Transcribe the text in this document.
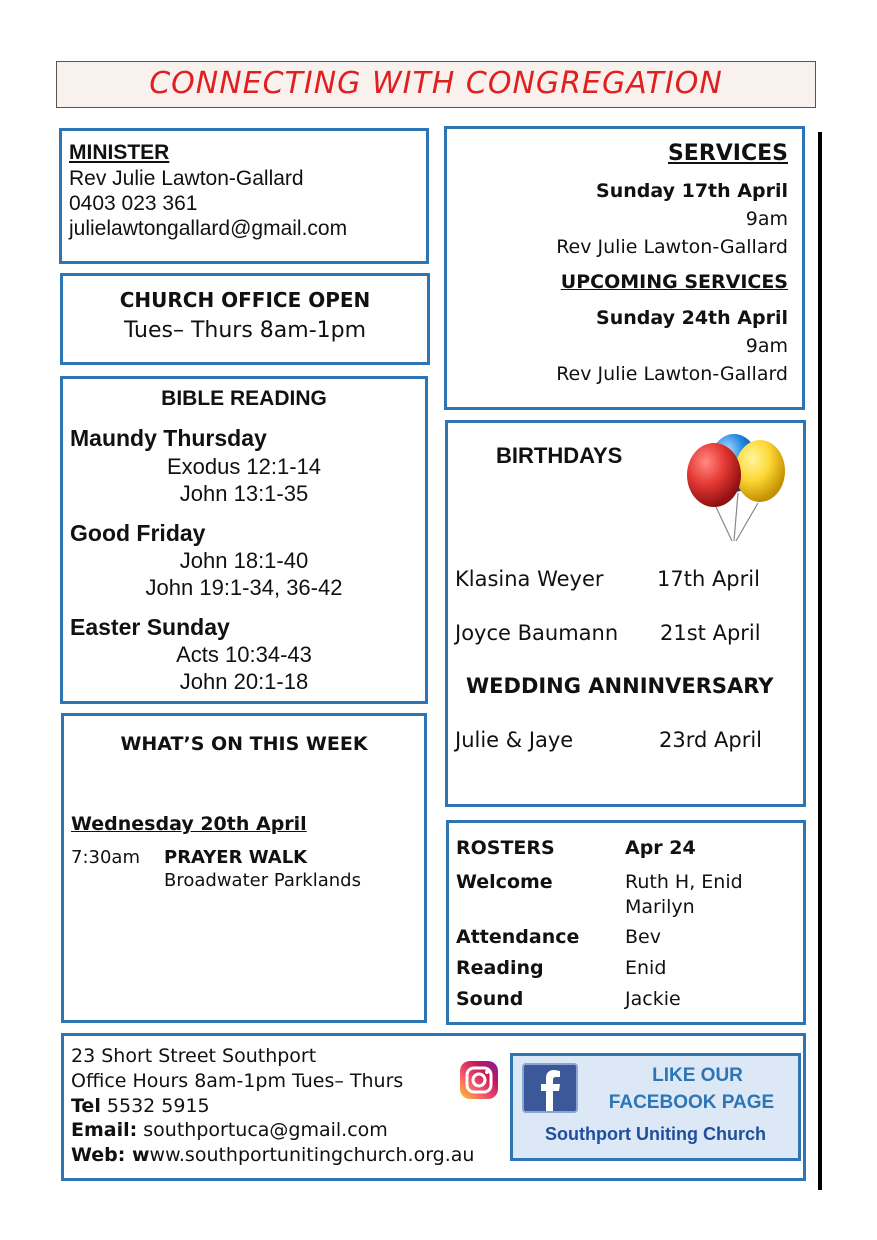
CONNECTING WITH CONGREGATION
MINISTER
Rev Julie Lawton-Gallard
0403 023 361
julielawtongallard@gmail.com
CHURCH OFFICE OPEN
Tues– Thurs 8am-1pm
BIBLE READING
Maundy Thursday
Exodus 12:1-14
John 13:1-35
Good Friday
John 18:1-40
John 19:1-34, 36-42
Easter Sunday
Acts 10:34-43
John 20:1-18
WHAT’S ON THIS WEEK
Wednesday 20th April
7:30am PRAYER WALK
Broadwater Parklands
SERVICES
Sunday 17th April
9am
Rev Julie Lawton-Gallard
UPCOMING SERVICES
Sunday 24th April
9am
Rev Julie Lawton-Gallard
BIRTHDAYS
Klasina Weyer	17th April
Joyce Baumann 21st April
WEDDING ANNINVERSARY
Julie & Jaye	23rd April
ROSTERS	Apr 24
Welcome	Ruth H, Enid
Marilyn
Attendance Bev
Reading	Enid
Sound	Jackie
23 Short Street Southport
Office Hours 8am-1pm Tues– Thurs
Tel 5532 5915
Email: southportuca@gmail.com
Web: www.southportunitingchurch.org.au
LIKE OUR
FACEBOOK PAGE
Southport Uniting Church
